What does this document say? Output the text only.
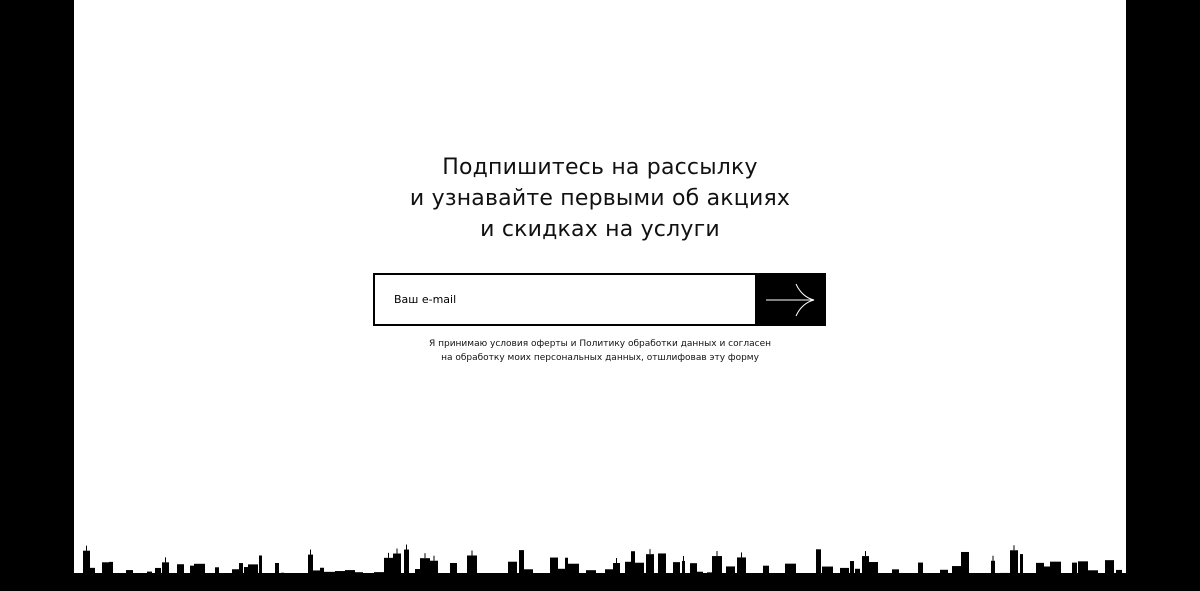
Подпишитесь на рассылку
и узнавайте первыми об акциях
и скидках на услуги
Ваш e-mail
Я принимаю условия оферты и Политику обработки данных и согласен
на обработку моих персональных данных, отшлифовав эту форму
